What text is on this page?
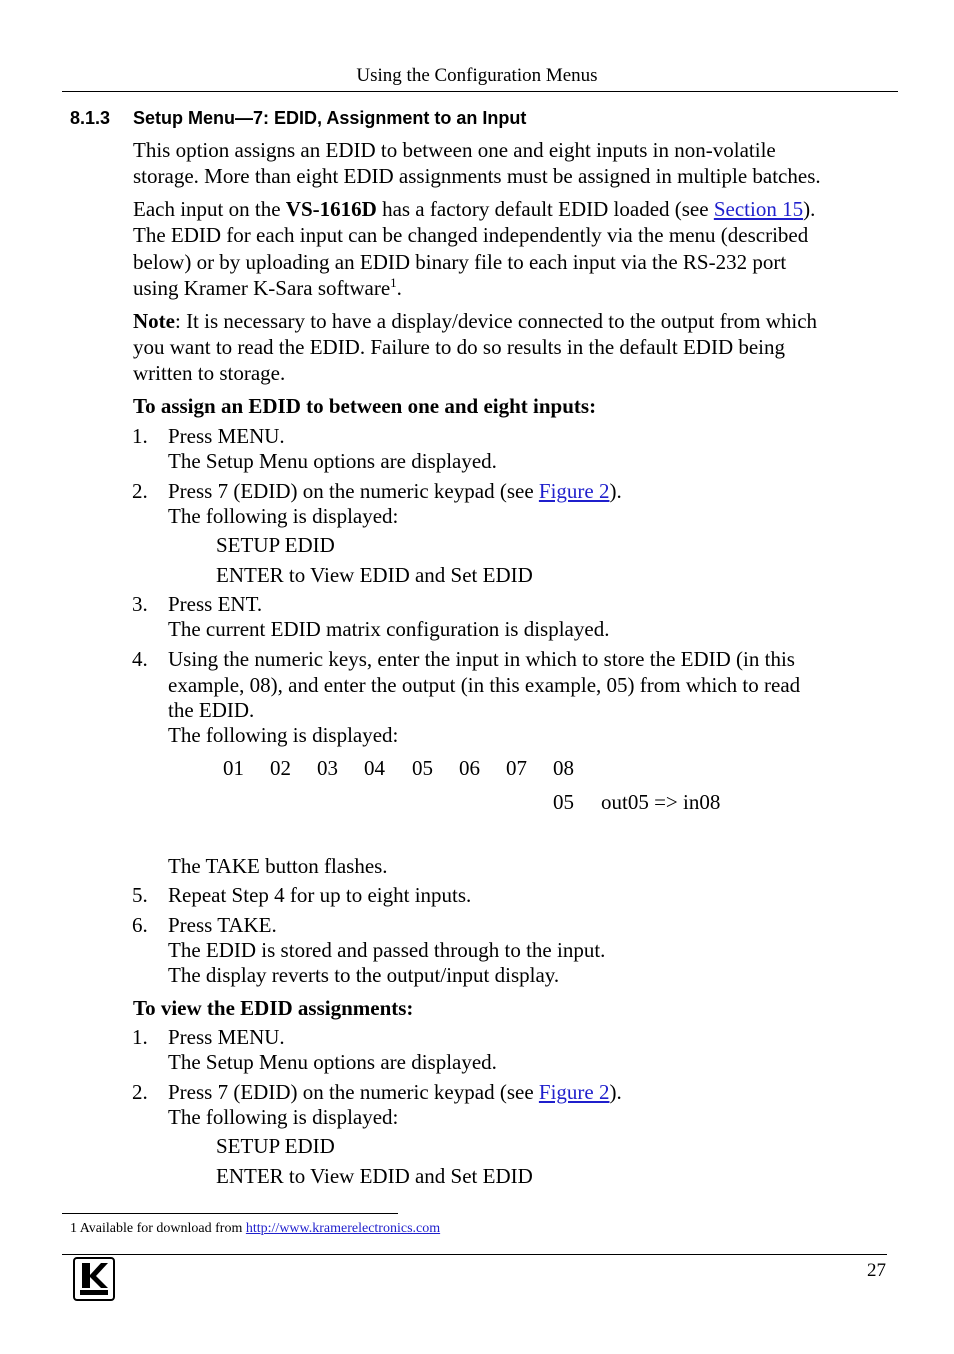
Using the Configuration Menus
8.1.3 Setup Menu—7: EDID, Assignment to an Input
This option assigns an EDID to between one and eight inputs in non-volatile
storage. More than eight EDID assignments must be assigned in multiple batches.
Each input on the VS-1616D has a factory default EDID loaded (see Section 15).
The EDID for each input can be changed independently via the menu (described
below) or by uploading an EDID binary file to each input via the RS-232 port
using Kramer K-Sara software$^1$.
Note: It is necessary to have a display/device connected to the output from which
you want to read the EDID. Failure to do so results in the default EDID being
written to storage.
To assign an EDID to between one and eight inputs:
1. Press MENU.
The Setup Menu options are displayed.
2. Press 7 (EDID) on the numeric keypad (see Figure 2).
The following is displayed:
SETUP EDID
ENTER to View EDID and Set EDID
3. Press ENT.
The current EDID matrix configuration is displayed.
4. Using the numeric keys, enter the input in which to store the EDID (in this
example, 08), and enter the output (in this example, 05) from which to read
the EDID.
The following is displayed:
01 02 03 04 05 06 07 08
05 out05 => in08
The TAKE button flashes.
5. Repeat Step 4 for up to eight inputs.
6. Press TAKE.
The EDID is stored and passed through to the input.
The display reverts to the output/input display.
To view the EDID assignments:
1. Press MENU.
The Setup Menu options are displayed.
2. Press 7 (EDID) on the numeric keypad (see Figure 2).
The following is displayed:
SETUP EDID
ENTER to View EDID and Set EDID
1 Available for download from http://www.kramerelectronics.com
27
